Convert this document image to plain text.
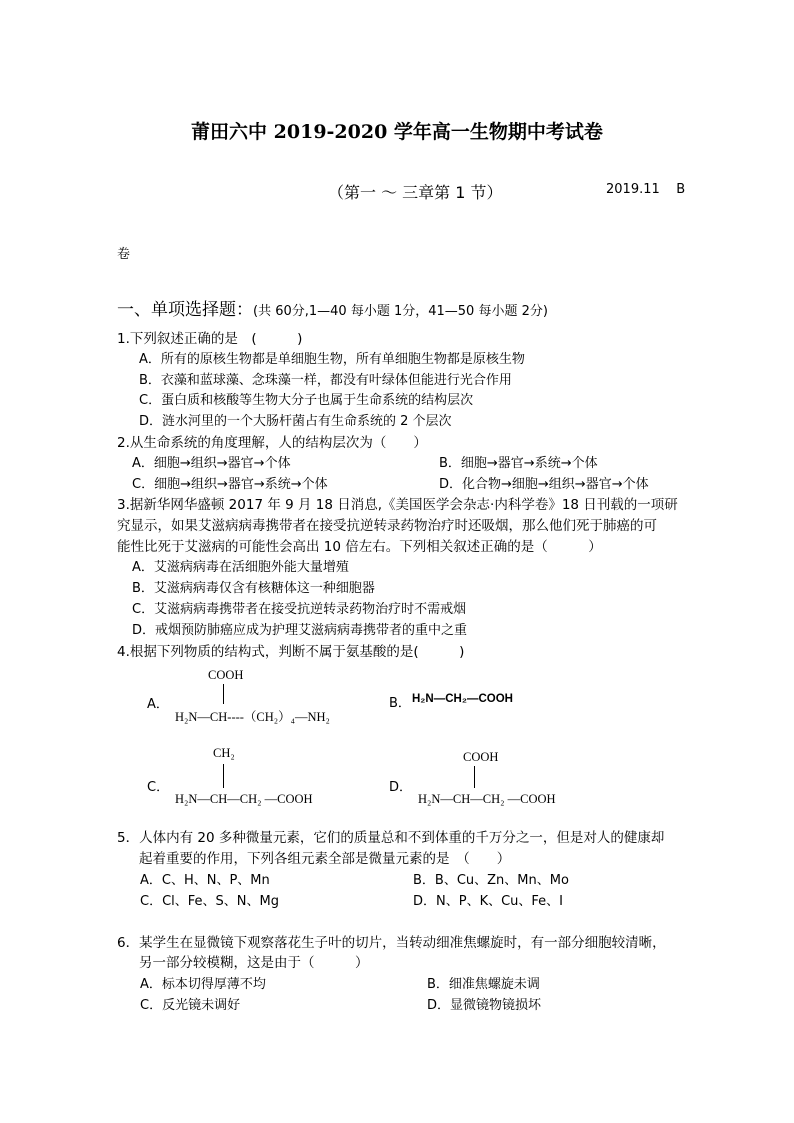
莆田六中 2019-2020 学年高一生物期中考试卷
（第一 ～ 三章第 1 节）	2019.11 B
卷
一、单项选择题：(共 60分,1—40 每小题 1分，41—50 每小题 2分)
1.下列叙述正确的是　(　　　)
A．所有的原核生物都是单细胞生物，所有单细胞生物都是原核生物
B．衣藻和蓝球藻、念珠藻一样，都没有叶绿体但能进行光合作用
C．蛋白质和核酸等生物大分子也属于生命系统的结构层次
D．涟水河里的一个大肠杆菌占有生命系统的 2 个层次
2.从生命系统的角度理解，人的结构层次为（　　）
A．细胞→组织→器官→个体	B．细胞→器官→系统→个体
C．细胞→组织→器官→系统→个体	D．化合物→细胞→组织→器官→个体
3.据新华网华盛顿 2017 年 9 月 18 日消息,《美国医学会杂志·内科学卷》18 日刊载的一项研
究显示，如果艾滋病病毒携带者在接受抗逆转录药物治疗时还吸烟，那么他们死于肺癌的可
能性比死于艾滋病的可能性会高出 10 倍左右。下列相关叙述正确的是（　　　）
A．艾滋病病毒在活细胞外能大量增殖
B．艾滋病病毒仅含有核糖体这一种细胞器
C．艾滋病病毒携带者在接受抗逆转录药物治疗时不需戒烟
D．戒烟预防肺癌应成为护理艾滋病病毒携带者的重中之重
4.根据下列物质的结构式，判断不属于氨基酸的是(　　　)
A．
COOH
H₂N—CH----（CH₂）₄—NH₂
B． H₂N—CH₂—COOH
C．
CH₂
H₂N—CH—CH₂ —COOH
D．
COOH
H₂N—CH—CH₂ —COOH
5．人体内有 20 多种微量元素，它们的质量总和不到体重的千万分之一，但是对人的健康却
起着重要的作用，下列各组元素全部是微量元素的是　（　　）
A．C、H、N、P、Mn	B．B、Cu、Zn、Mn、Mo
C．Cl、Fe、S、N、Mg	D．N、P、K、Cu、Fe、I
6．某学生在显微镜下观察落花生子叶的切片，当转动细准焦螺旋时，有一部分细胞较清晰，
另一部分较模糊，这是由于（　　　）
A．标本切得厚薄不均	B．细准焦螺旋未调
C．反光镜未调好	D．显微镜物镜损坏
